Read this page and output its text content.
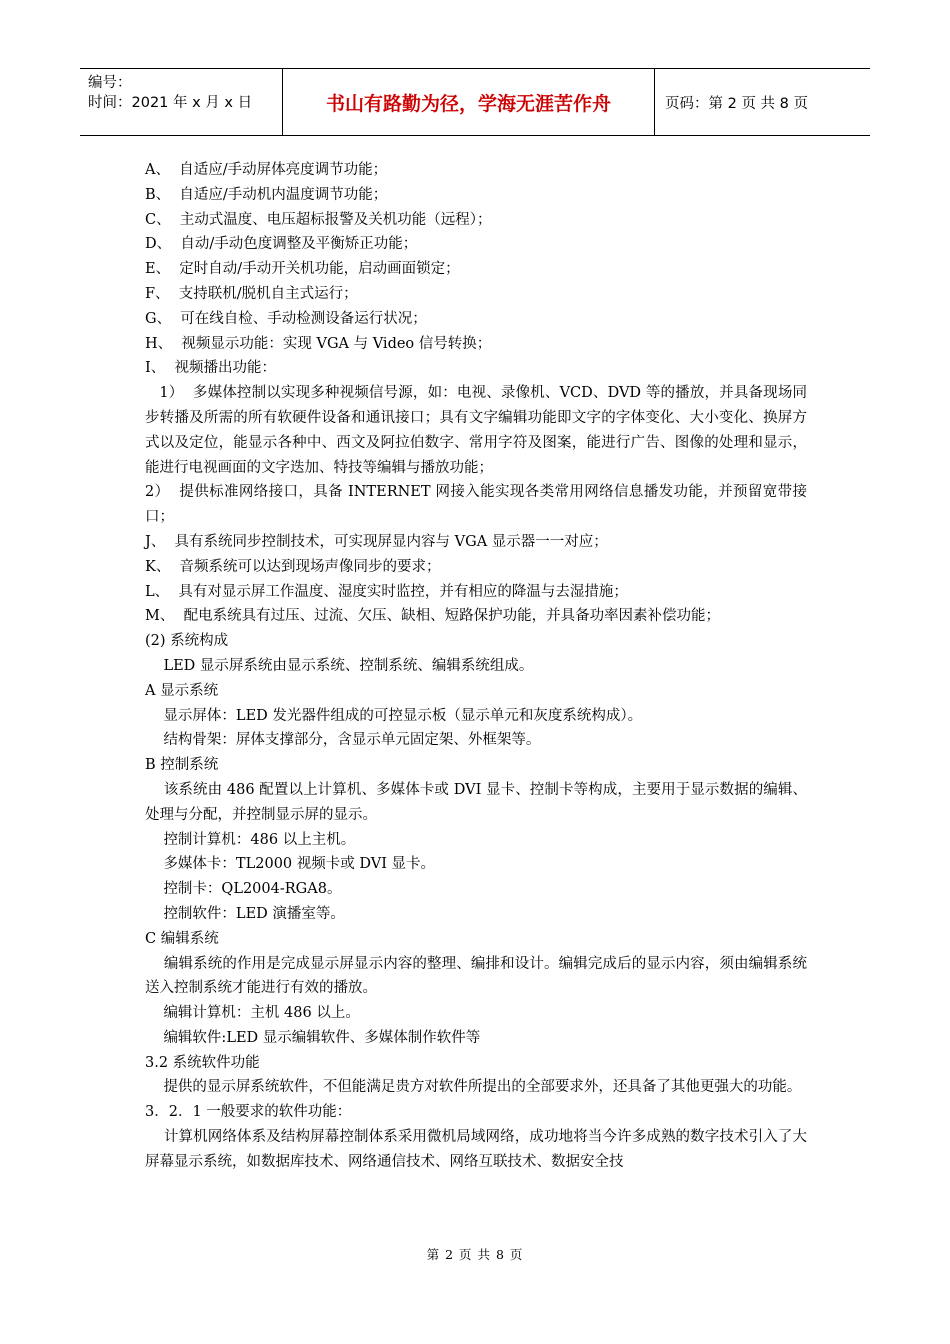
编号：
时间：2021 年 x 月 x 日	书山有路勤为径，学海无涯苦作舟	页码：第 2 页 共 8 页

A、  自适应/手动屏体亮度调节功能；

B、  自适应/手动机内温度调节功能；

C、  主动式温度、电压超标报警及关机功能（远程）；

D、  自动/手动色度调整及平衡矫正功能；

E、  定时自动/手动开关机功能，启动画面锁定；

F、  支持联机/脱机自主式运行；

G、  可在线自检、手动检测设备运行状况；

H、  视频显示功能：实现 VGA 与 Video 信号转换；

I、  视频播出功能：

1）  多媒体控制以实现多种视频信号源，如：电视、录像机、VCD、DVD 等的播放，并具备现场同步转播及所需的所有软硬件设备和通讯接口；具有文字编辑功能即文字的字体变化、大小变化、换屏方式以及定位，能显示各种中、西文及阿拉伯数字、常用字符及图案，能进行广告、图像的处理和显示，能进行电视画面的文字迭加、特技等编辑与播放功能；

2）  提供标准网络接口，具备 INTERNET 网接入能实现各类常用网络信息播发功能，并预留宽带接口；

J、  具有系统同步控制技术，可实现屏显内容与 VGA 显示器一一对应；

K、  音频系统可以达到现场声像同步的要求；

L、  具有对显示屏工作温度、湿度实时监控，并有相应的降温与去湿措施；

M、  配电系统具有过压、过流、欠压、缺相、短路保护功能，并具备功率因素补偿功能；

(2) 系统构成

LED 显示屏系统由显示系统、控制系统、编辑系统组成。

A 显示系统

显示屏体：LED 发光器件组成的可控显示板（显示单元和灰度系统构成）。

结构骨架：屏体支撑部分，含显示单元固定架、外框架等。

B 控制系统

该系统由 486 配置以上计算机、多媒体卡或 DVI 显卡、控制卡等构成，主要用于显示数据的编辑、处理与分配，并控制显示屏的显示。

控制计算机：486 以上主机。

多媒体卡：TL2000 视频卡或 DVI 显卡。

控制卡：QL2004-RGA8。

控制软件：LED 演播室等。

C 编辑系统

编辑系统的作用是完成显示屏显示内容的整理、编排和设计。编辑完成后的显示内容，须由编辑系统送入控制系统才能进行有效的播放。

编辑计算机：主机 486 以上。

编辑软件:LED 显示编辑软件、多媒体制作软件等

3.2 系统软件功能

提供的显示屏系统软件，不但能满足贵方对软件所提出的全部要求外，还具备了其他更强大的功能。

3．2．1 一般要求的软件功能：

计算机网络体系及结构屏幕控制体系采用微机局域网络，成功地将当今许多成熟的数字技术引入了大屏幕显示系统，如数据库技术、网络通信技术、网络互联技术、数据安全技

第 2 页 共 8 页
